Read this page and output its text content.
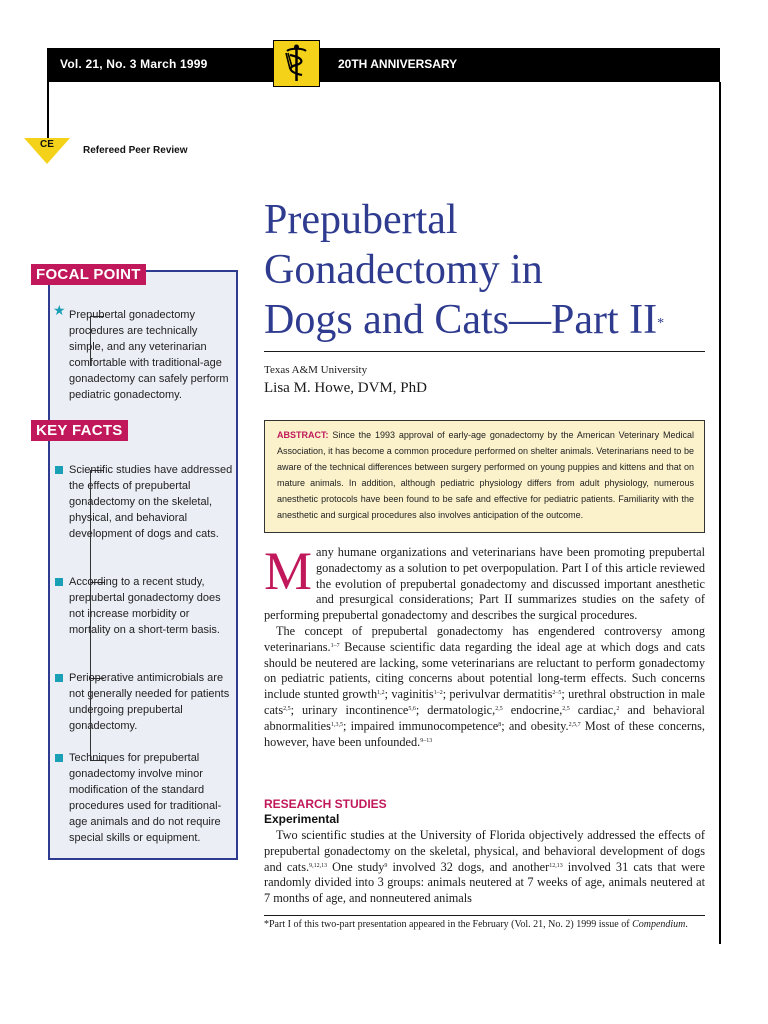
Vol. 21, No. 3 March 1999	20TH ANNIVERSARY
CE
Refereed Peer Review
Prepubertal
Gonadectomy in
Dogs and Cats—Part II*
Texas A&M University
Lisa M. Howe, DVM, PhD
ABSTRACT: Since the 1993 approval of early-age gonadectomy by the American Veterinary Medical Association, it has become a common procedure performed on shelter animals. Veterinarians need to be aware of the technical differences between surgery performed on young puppies and kittens and that on mature animals. In addition, although pediatric physiology differs from adult physiology, numerous anesthetic protocols have been found to be safe and effective for pediatric patients. Familiarity with the anesthetic and surgical procedures also involves anticipation of the outcome.
FOCAL POINT
★ Prepubertal gonadectomy procedures are technically simple, and any veterinarian comfortable with traditional-age gonadectomy can safely perform pediatric gonadectomy.
KEY FACTS
Scientific studies have addressed the effects of prepubertal gonadectomy on the skeletal, physical, and behavioral development of dogs and cats.
According to a recent study, prepubertal gonadectomy does not increase morbidity or mortality on a short-term basis.
Perioperative antimicrobials are not generally needed for patients undergoing prepubertal gonadectomy.
Techniques for prepubertal gonadectomy involve minor modification of the standard procedures used for traditional-age animals and do not require special skills or equipment.

Many humane organizations and veterinarians have been promoting prepubertal gonadectomy as a solution to pet overpopulation. Part I of this article reviewed the evolution of prepubertal gonadectomy and discussed important anesthetic and presurgical considerations; Part II summarizes studies on the safety of performing prepubertal gonadectomy and describes the surgical procedures.

The concept of prepubertal gonadectomy has engendered controversy among veterinarians.$^{1-7}$ Because scientific data regarding the ideal age at which dogs and cats should be neutered are lacking, some veterinarians are reluctant to perform gonadectomy on pediatric patients, citing concerns about potential long-term effects. Such concerns include stunted growth$^{1,2}$; vaginitis$^{1-2}$; perivulvar dermatitis$^{2-5}$; urethral obstruction in male cats$^{2,5}$; urinary incontinence$^{5,6}$; dermatologic,$^{2,5}$ endocrine,$^{2,5}$ cardiac,$^2$ and behavioral abnormalities$^{1,3,5}$; impaired immunocompetence$^8$; and obesity.$^{2,5,7}$ Most of these concerns, however, have been unfounded.$^{9-13}$

RESEARCH STUDIES
Experimental

Two scientific studies at the University of Florida objectively addressed the effects of prepubertal gonadectomy on the skeletal, physical, and behavioral development of dogs and cats.$^{9,12,13}$ One study$^9$ involved 32 dogs, and another$^{12,13}$ involved 31 cats that were randomly divided into 3 groups: animals neutered at 7 weeks of age, animals neutered at 7 months of age, and nonneutered animals

*Part I of this two-part presentation appeared in the February (Vol. 21, No. 2) 1999 issue of Compendium.
